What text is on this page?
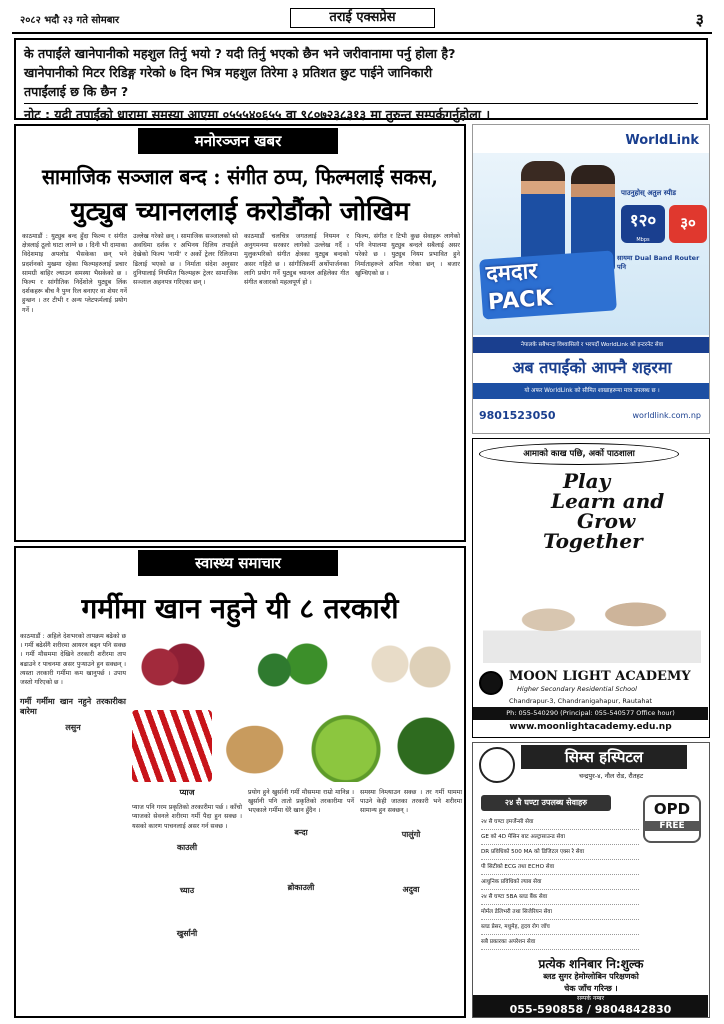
२०८२ भदौ २३ गते सोमबार	तराई एक्सप्रेस	३
के तपाईंले खानेपानीको महशुल तिर्नु भयो ? यदी तिर्नु भएको छैन भने जरीवानामा पर्नु होला है?
खानेपानीको मिटर रिडिङ्ग गरेको ७ दिन भित्र महशुल तिरेमा ३ प्रतिशत छुट पाईने जानिकारी
तपाईंलाई छ कि छैन ?
नोट : यदी तपाईंको धारामा समस्या आएमा ०५५५४०६५५ वा ९८०७२३८३१३ मा तुरुन्त सम्पर्कगर्नुहोला ।
मनोरञ्जन खबर
सामाजिक सञ्जाल बन्द : संगीत ठप्प, फिल्मलाई सकस,
युट्युब च्यानललाई करोडौंको जोखिम
काठमाडौं : युट्युब बन्द हुँदा फिल्म र संगीत क्षेत्रलाई ठूलो घाटा लाग्ने छ । दिनी भी दामाका विदेशमाइ अपलोड भैसकेका छन् भने प्रदर्शनको मुखमा रहेका फिल्महरुलाई प्रचार सामग्री बाहिर ल्याउन समस्या भैसकेको छ । फिल्म र सांगीतिक निर्देशोले युट्युब लिंक दर्शकहरू बीच नै पुग्न रिल बनाएर वा शेयर गर्ने हुन्छन । तर टीभी र अन्य प्लेटफर्मलाई प्रयोग गर्ने ।
उल्लेख गरेको छन् । सामाजिक सञ्जालको सो अवधिमा दर्शक र अभिनय दिलिय तपाईंले देखेको फिल्म 'नामी' र अर्को ट्रेलर रिलिजमा ढिलाई भएको छ । निर्माता संदेश अनुसार दुनियालाई नियमित फिल्महरू ट्रेलर सामाजिक सञ्जाल अहनपत्र गरिएका छन् ।
काठमाडौं चलचित्र जगतलाई नियमन र अनुगमनमा सरकार लागेको उल्लेख गर्दै । मुलुकभरिको संगीत क्षेत्रका युट्युब बन्दको असर गहिरो छ । सांगीतिकर्मी अर्थोपार्जनका लागि प्रयोग गर्ने युट्युब च्यानल अहिलेका गीत संगीत बजारको महत्वपूर्ण हो ।
फिल्म, संगीत र टिभी कुछ सेवाहरू लागेको पनि नेपालमा युट्युब बन्दले सबैलाई असर परेको छ । युट्युब नियम प्रभावित हुने निर्माताहरूले अपिल गरेका छन् । बजार खुम्चिएको छ ।
स्वास्थ्य समाचार
गर्मीमा खान नहुने यी ८ तरकारी
काठमाडौं : अहिले देशभरको तापक्रम बढेको छ । गर्मी बढेसँगै शरीरमा आयरन बढ्न पनि सक्छ । गर्मी मौसममा देखिने तरकारी शरीरमा ताप बढाउने र पाचनमा असर पुर्‍याउने हुन सक्छन् । त्यस्ता तरकारी गर्मीमा कम खानुपर्छ । उपाय जस्तो गरिएको छ ।
गर्मी गर्मीमा खान नहुने तरकारीका बारेमा
लसुन
प्याज
प्याज पनि गरम प्रकृतिको तरकारीमा पर्छ । काँचो प्याजको सेवनले शरीरमा गर्मी पैदा हुन सक्छ । यसको कारण पाचनलाई असर गर्न सक्छ ।
काउली
च्याउ
खुर्सानी
प्रयोग हुने खुर्सानी गर्मी मौसममा राम्रो मानिन्न । खुर्सानी पनि तातो प्रकृतिको तरकारीमा पर्ने भएकाले गर्मीमा धेरै खान हुँदैन ।
बन्दा
ब्रोकाउली
समस्या निम्त्याउन सक्छ । तर गर्मी याममा पाउने केही जातका तरकारी भने शरीरमा सामान्य हुन सक्छन् ।
पालुंगो
अदुवा
WorldLink
पाउनुहोस् अतुल स्पीड
१२०
Mbps
३०
दमदार PACK
सायमा Dual Band Router पनि
नेपालके सबैभन्दा विश्वासिलो र भरपर्दो WorldLink को इन्टरनेट सेवा
अब तपाईंको आफ्नै शहरमा
यो अफर WorldLink को सीमित शाखाहरूमा मात्र उपलब्ध छ ।
9801523050	worldlink.com.np
आमाको काख पछि, अर्को पाठशाला
Play
Learn and
Grow
Together
MOON LIGHT ACADEMY
Higher Secondary Residential School
Chandrapur-3, Chandranigahapur, Rautahat
Ph: 055-540290 (Principal: 055-540577 Office hour)
www.moonlightacademy.edu.np
सिम्स हस्पिटल
चन्द्रपुर-४, नौल रोड, रौतहट
२४ सै घण्टा उपलब्ध सेवाहरु	OPD
FREE
२४ सै घण्टा इमर्जेन्सी सेवा
GE को 4D मेसिन बाट अल्ट्रासाउन्ड सेवा
DR प्रविधिको 500 MA को डिजिटल एक्स रे सेवा
पी सिटीको ECG तथा ECHO सेवा
आधुनिक प्रविधिको ल्याब सेवा
२४ सै घण्टा 5BA ब्लड बैंक सेवा
मोर्मल डेलिभरी तथा सिजेरियन सेवा
ब्लड प्रेसर, मधुमेह, हृदय रोग जाँच
सबै प्रकारका अपरेशन सेवा
प्रत्येक शनिबार नि:शुल्क
ब्लड सुगर हेमोग्लोबिन परिक्षणको
चेक जाँच गरिन्छ ।
सम्पर्क नम्बर
055-590858 / 9804842830
